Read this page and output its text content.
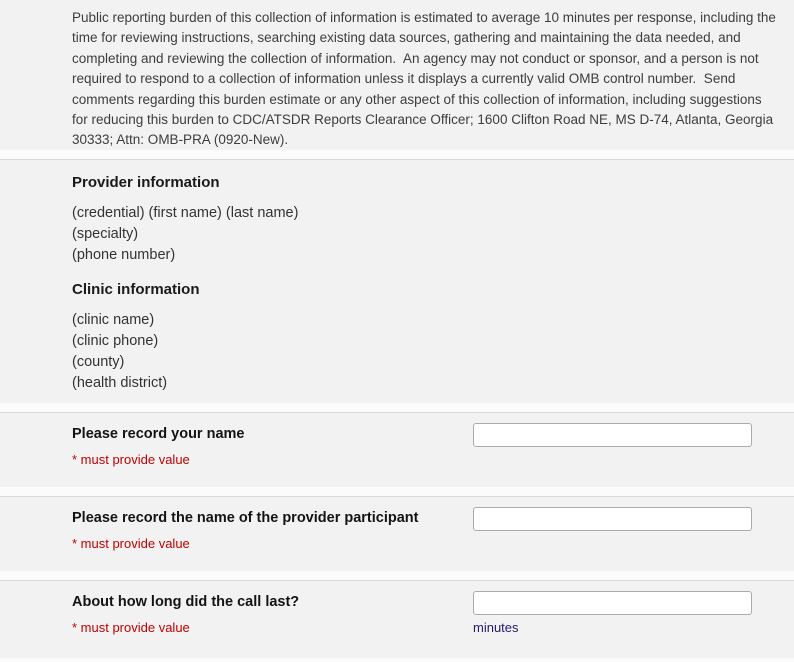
Public reporting burden of this collection of information is estimated to average 10 minutes per response, including the time for reviewing instructions, searching existing data sources, gathering and maintaining the data needed, and completing and reviewing the collection of information.  An agency may not conduct or sponsor, and a person is not required to respond to a collection of information unless it displays a currently valid OMB control number.  Send comments regarding this burden estimate or any other aspect of this collection of information, including suggestions for reducing this burden to CDC/ATSDR Reports Clearance Officer; 1600 Clifton Road NE, MS D-74, Atlanta, Georgia 30333; Attn: OMB-PRA (0920-New).

Provider information
(credential) (first name) (last name)
(specialty)
(phone number)
Clinic information
(clinic name)
(clinic phone)
(county)
(health district)
Please record your name
* must provide value
Please record the name of the provider participant
* must provide value
About how long did the call last?
* must provide value	minutes
